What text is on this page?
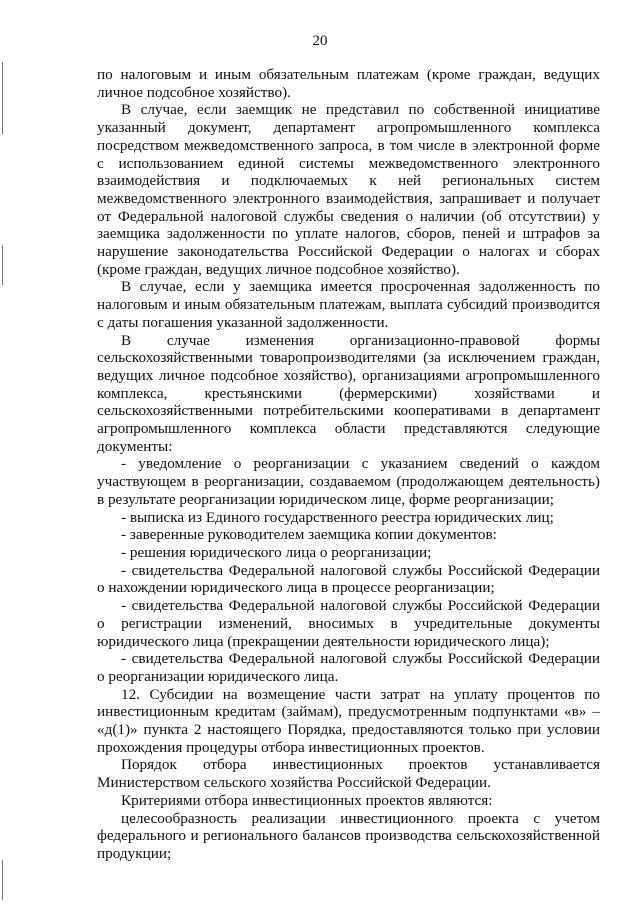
20

по налоговым и иным обязательным платежам (кроме граждан, ведущих личное подсобное хозяйство).

В случае, если заемщик не представил по собственной инициативе указанный документ, департамент агропромышленного комплекса посредством межведомственного запроса, в том числе в электронной форме с использованием единой системы межведомственного электронного взаимодействия и подключаемых к ней региональных систем межведомственного электронного взаимодействия, запрашивает и получает от Федеральной налоговой службы сведения о наличии (об отсутствии) у заемщика задолженности по уплате налогов, сборов, пеней и штрафов за нарушение законодательства Российской Федерации о налогах и сборах (кроме граждан, ведущих личное подсобное хозяйство).

В случае, если у заемщика имеется просроченная задолженность по налоговым и иным обязательным платежам, выплата субсидий производится с даты погашения указанной задолженности.

В случае изменения организационно-правовой формы сельскохозяйственными товаропроизводителями (за исключением граждан, ведущих личное подсобное хозяйство), организациями агропромышленного комплекса, крестьянскими (фермерскими) хозяйствами и сельскохозяйственными потребительскими кооперативами в департамент агропромышленного комплекса области представляются следующие документы:

- уведомление о реорганизации с указанием сведений о каждом участвующем в реорганизации, создаваемом (продолжающем деятельность) в результате реорганизации юридическом лице, форме реорганизации;

- выписка из Единого государственного реестра юридических лиц;

- заверенные руководителем заемщика копии документов:

- решения юридического лица о реорганизации;

- свидетельства Федеральной налоговой службы Российской Федерации о нахождении юридического лица в процессе реорганизации;

- свидетельства Федеральной налоговой службы Российской Федерации о регистрации изменений, вносимых в учредительные документы юридического лица (прекращении деятельности юридического лица);

- свидетельства Федеральной налоговой службы Российской Федерации о реорганизации юридического лица.

12. Субсидии на возмещение части затрат на уплату процентов по инвестиционным кредитам (займам), предусмотренным подпунктами «в» – «д(1)» пункта 2 настоящего Порядка, предоставляются только при условии прохождения процедуры отбора инвестиционных проектов.

Порядок отбора инвестиционных проектов устанавливается Министерством сельского хозяйства Российской Федерации.

Критериями отбора инвестиционных проектов являются:

целесообразность реализации инвестиционного проекта с учетом федерального и регионального балансов производства сельскохозяйственной продукции;
